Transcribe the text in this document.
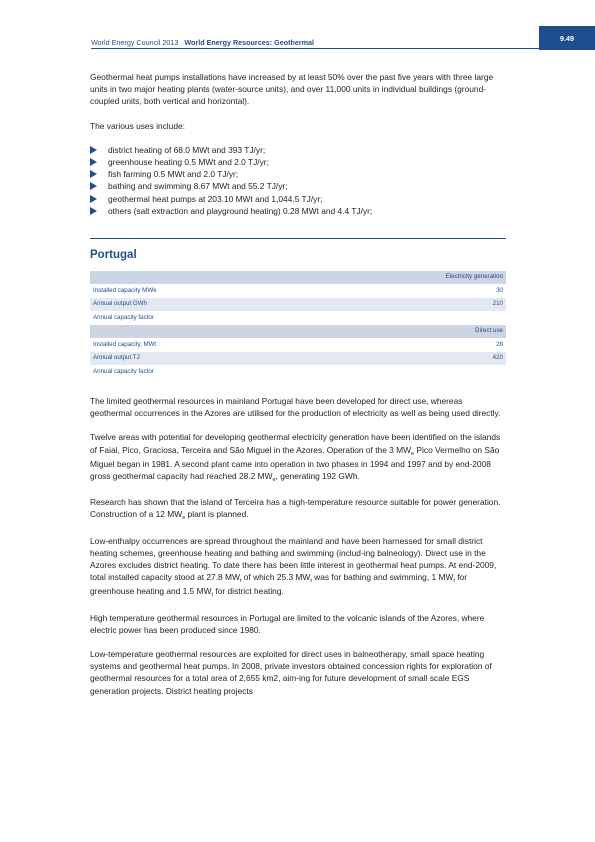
World Energy Council 2013 World Energy Resources: Geothermal	9.49

Geothermal heat pumps installations have increased by at least 50% over the past five years with three large units in two major heating plants (water-source units), and over 11,000 units in individual buildings (ground-coupled units, both vertical and horizontal).

The various uses include:

district heating of 68.0 MWt and 393 TJ/yr;
greenhouse heating 0.5 MWt and 2.0 TJ/yr;
fish farming 0.5 MWt and 2.0 TJ/yr;
bathing and swimming 8.67 MWt and 55.2 TJ/yr;
geothermal heat pumps at 203.10 MWt and 1,044.5 TJ/yr;
others (salt extraction and playground heating) 0.28 MWt and 4.4 TJ/yr;
Portugal
Electricity generation	
Installed capacity MWe	30
Annual output GWh	210
Annual capacity factor	
Direct use	
Installed capacity, MWt	28
Annual output TJ	420
Annual capacity factor	

The limited geothermal resources in mainland Portugal have been developed for direct use, whereas geothermal occurrences in the Azores are utilised for the production of electricity as well as being used directly.

Twelve areas with potential for developing geothermal electricity generation have been identified on the islands of Faial, Pico, Graciosa, Terceira and São Miguel in the Azores. Operation of the 3 $MW_e$ Pico Vermelho on São Miguel began in 1981. A second plant came into operation in two phases in 1994 and 1997 and by end-2008 gross geothermal capacity had reached 28.2 $MW_e$, generating 192 GWh.

Research has shown that the island of Terceira has a high-temperature resource suitable for power generation. Construction of a 12 $MW_e$ plant is planned.

Low-enthalpy occurrences are spread throughout the mainland and have been harnessed for small district heating schemes, greenhouse heating and bathing and swimming (includ-ing balneology). Direct use in the Azores excludes district heating. To date there has been little interest in geothermal heat pumps. At end-2009, total installed capacity stood at 27.8 $MW_t$ of which 25.3 $MW_t$ was for bathing and swimming, 1 $MW_t$ for greenhouse heating and 1.5 $MW_t$ for district heating.

High temperature geothermal resources in Portugal are limited to the volcanic islands of the Azores, where electric power has been produced since 1980.

Low-temperature geothermal resources are exploited for direct uses in balneotherapy, small space heating systems and geothermal heat pumps. In 2008, private investors obtained concession rights for exploration of geothermal resources for a total area of 2,655 km2, aim-ing for future development of small scale EGS generation projects. District heating projects
